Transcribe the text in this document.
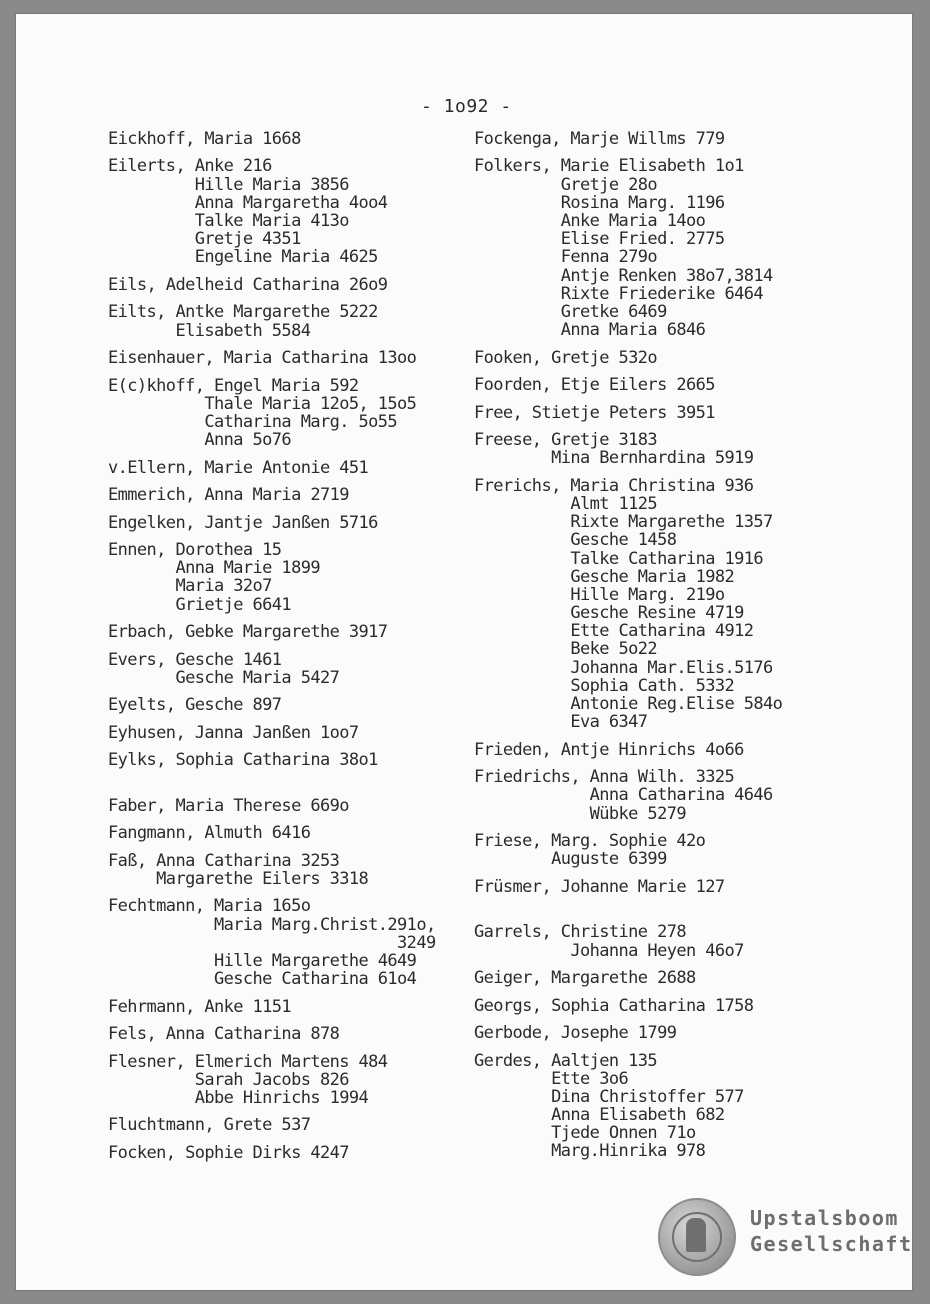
- 1o92 -
Eickhoff, Maria 1668
Eilerts, Anke 216
Hille Maria 3856
Anna Margaretha 4oo4
Talke Maria 413o
Gretje 4351
Engeline Maria 4625
Eils, Adelheid Catharina 26o9
Eilts, Antke Margarethe 5222
Elisabeth 5584
Eisenhauer, Maria Catharina 13oo
E(c)khoff, Engel Maria 592
Thale Maria 12o5, 15o5
Catharina Marg. 5o55
Anna 5o76
v.Ellern, Marie Antonie 451
Emmerich, Anna Maria 2719
Engelken, Jantje Janßen 5716
Ennen, Dorothea 15
Anna Marie 1899
Maria 32o7
Grietje 6641
Erbach, Gebke Margarethe 3917
Evers, Gesche 1461
Gesche Maria 5427
Eyelts, Gesche 897
Eyhusen, Janna Janßen 1oo7
Eylks, Sophia Catharina 38o1
Faber, Maria Therese 669o
Fangmann, Almuth 6416
Faß, Anna Catharina 3253
Margarethe Eilers 3318
Fechtmann, Maria 165o
Maria Marg.Christ.291o,
3249
Hille Margarethe 4649
Gesche Catharina 61o4
Fehrmann, Anke 1151
Fels, Anna Catharina 878
Flesner, Elmerich Martens 484
Sarah Jacobs 826
Abbe Hinrichs 1994
Fluchtmann, Grete 537
Focken, Sophie Dirks 4247
Fockenga, Marje Willms 779
Folkers, Marie Elisabeth 1o1
Gretje 28o
Rosina Marg. 1196
Anke Maria 14oo
Elise Fried. 2775
Fenna 279o
Antje Renken 38o7,3814
Rixte Friederike 6464
Gretke 6469
Anna Maria 6846
Fooken, Gretje 532o
Foorden, Etje Eilers 2665
Free, Stietje Peters 3951
Freese, Gretje 3183
Mina Bernhardina 5919
Frerichs, Maria Christina 936
Almt 1125
Rixte Margarethe 1357
Gesche 1458
Talke Catharina 1916
Gesche Maria 1982
Hille Marg. 219o
Gesche Resine 4719
Ette Catharina 4912
Beke 5o22
Johanna Mar.Elis.5176
Sophia Cath. 5332
Antonie Reg.Elise 584o
Eva 6347
Frieden, Antje Hinrichs 4o66
Friedrichs, Anna Wilh. 3325
Anna Catharina 4646
Wübke 5279
Friese, Marg. Sophie 42o
Auguste 6399
Früsmer, Johanne Marie 127
Garrels, Christine 278
Johanna Heyen 46o7
Geiger, Margarethe 2688
Georgs, Sophia Catharina 1758
Gerbode, Josephe 1799
Gerdes, Aaltjen 135
Ette 3o6
Dina Christoffer 577
Anna Elisabeth 682
Tjede Onnen 71o
Marg.Hinrika 978
Upstalsboom
Gesellschaft
